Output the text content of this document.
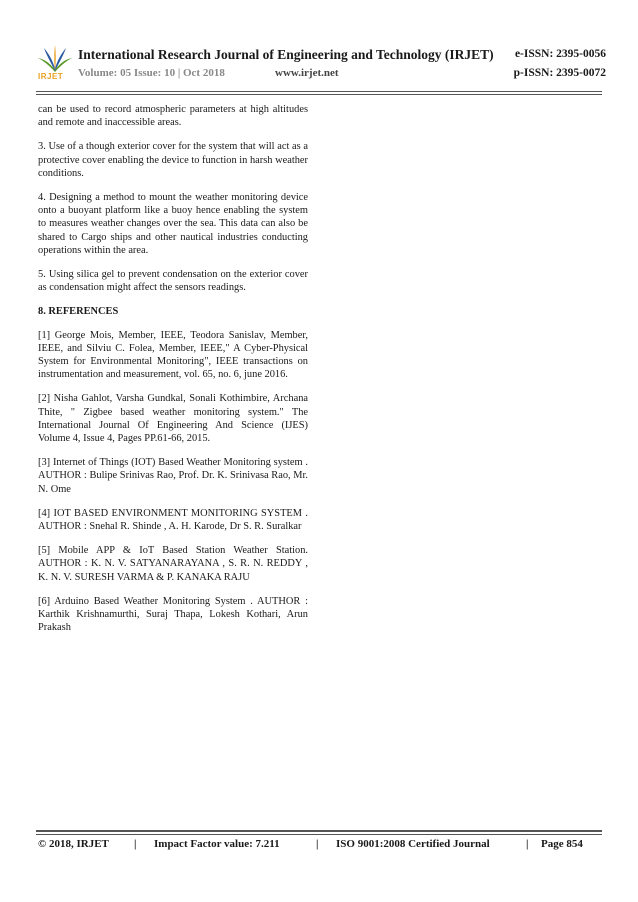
IRJET
International Research Journal of Engineering and Technology (IRJET) e-ISSN: 2395-0056
Volume: 05 Issue: 10 | Oct 2018	www.irjet.net	p-ISSN: 2395-0072

can be used to record atmospheric parameters at high altitudes and remote and inaccessible areas.

3. Use of a though exterior cover for the system that will act as a protective cover enabling the device to function in harsh weather conditions.

4. Designing a method to mount the weather monitoring device onto a buoyant platform like a buoy hence enabling the system to measures weather changes over the sea. This data can also be shared to Cargo ships and other nautical industries conducting operations within the area.

5. Using silica gel to prevent condensation on the exterior cover as condensation might affect the sensors readings.

8. REFERENCES

[1] George Mois, Member, IEEE, Teodora Sanislav, Member, IEEE, and Silviu C. Folea, Member, IEEE," A Cyber-Physical System for Environmental Monitoring", IEEE transactions on instrumentation and measurement, vol. 65, no. 6, june 2016.

[2] Nisha Gahlot, Varsha Gundkal, Sonali Kothimbire, Archana Thite, " Zigbee based weather monitoring system." The International Journal Of Engineering And Science (IJES) Volume 4, Issue 4, Pages PP.61-66, 2015.

[3] Internet of Things (IOT) Based Weather Monitoring system . AUTHOR : Bulipe Srinivas Rao, Prof. Dr. K. Srinivasa Rao, Mr. N. Ome

[4] IOT BASED ENVIRONMENT MONITORING SYSTEM . AUTHOR : Snehal R. Shinde , A. H. Karode, Dr S. R. Suralkar

[5] Mobile APP & IoT Based Station Weather Station. AUTHOR : K. N. V. SATYANARAYANA , S. R. N. REDDY , K. N. V. SURESH VARMA & P. KANAKA RAJU

[6] Arduino Based Weather Monitoring System . AUTHOR : Karthik Krishnamurthi, Suraj Thapa, Lokesh Kothari, Arun Prakash

© 2018, IRJET | Impact Factor value: 7.211	| ISO 9001:2008 Certified Journal	| Page 854
